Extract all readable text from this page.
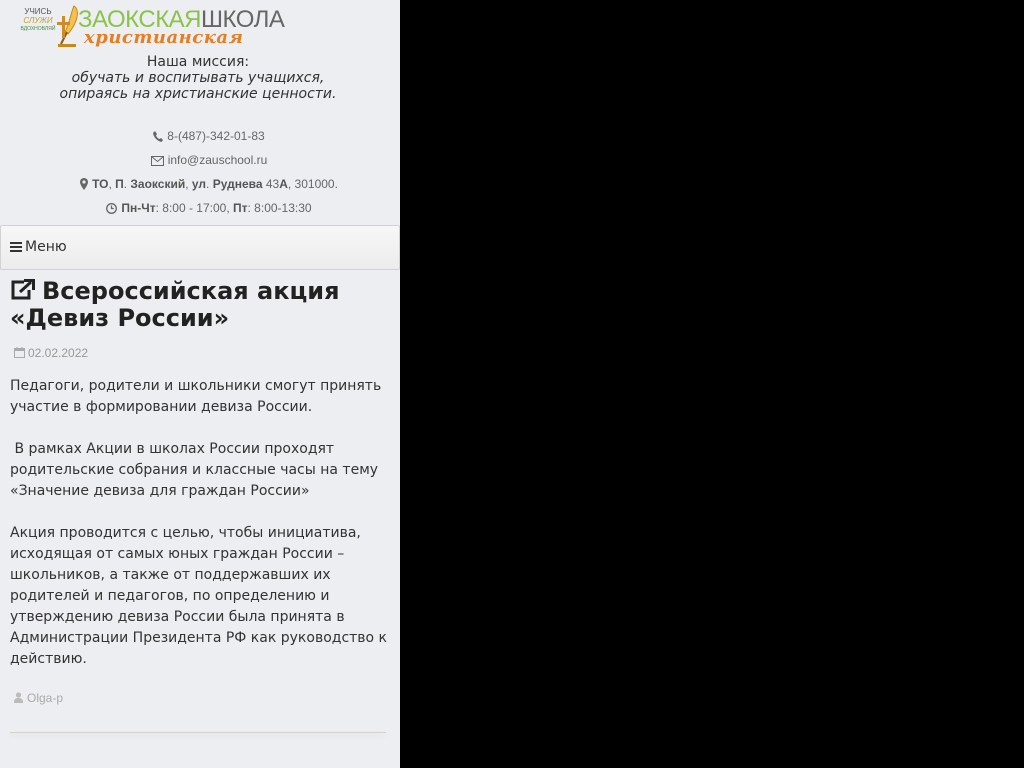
УЧИСЬ
СЛУЖИ
ВДОХНОВЛЯЙ ЗАОКСКАЯШКОЛА
христианская
Наша миссия:
обучать и воспитывать учащихся,
опираясь на христианские ценности.
8-(487)-342-01-83
info@zauschool.ru
ТО, П. Заокский, ул. Руднева 43А, 301000.
Пн-Чт: 8:00 - 17:00, Пт: 8:00-13:30
Меню
Всероссийская акция «Девиз России»
02.02.2022

Педагоги, родители и школьники смогут принять участие в формировании девиза России.

В рамках Акции в школах России проходят родительские собрания и классные часы на тему «Значение девиза для граждан России»

Акция проводится с целью, чтобы инициатива, исходящая от самых юных граждан России – школьников, а также от поддержавших их родителей и педагогов, по определению и утверждению девиза России была принята в Администрации Президента РФ как руководство к действию.

Olga-p
